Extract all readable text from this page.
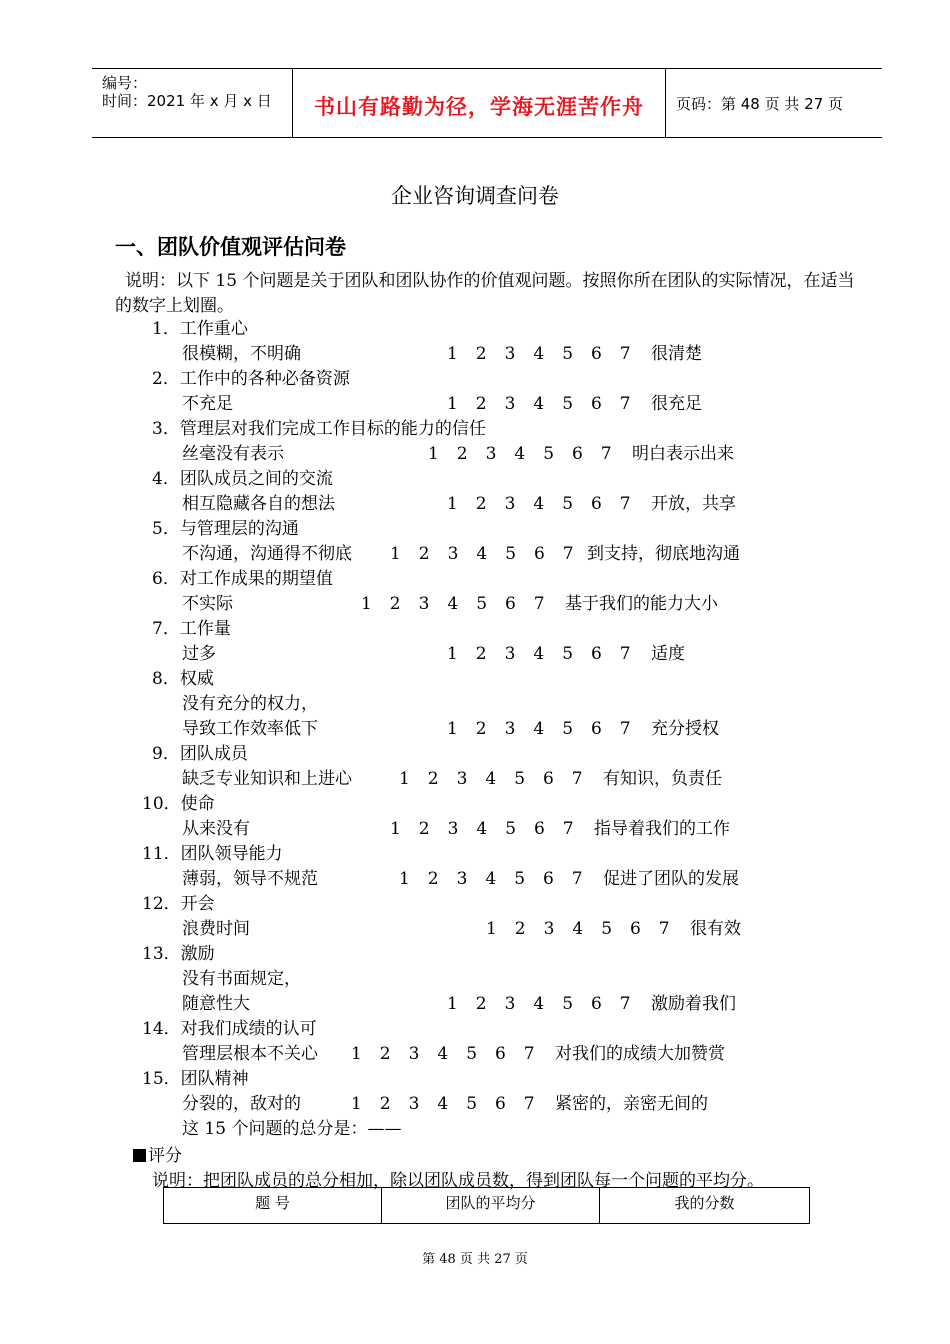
编号：
时间：2021 年 x 月 x 日	书山有路勤为径，学海无涯苦作舟	页码：第 48 页 共 27 页
企业咨询调查问卷
一、团队价值观评估问卷
说明：以下 15 个问题是关于团队和团队协作的价值观问题。按照你所在团队的实际情况，在适当的数字上划圈。
1．工作重心
很模糊，不明确	1 2 3 4 5 6 7	很清楚
2．工作中的各种必备资源
不充足	1 2 3 4 5 6 7	很充足
3．管理层对我们完成工作目标的能力的信任
丝毫没有表示	1 2 3 4 5 6 7	明白表示出来
4．团队成员之间的交流
相互隐藏各自的想法	1 2 3 4 5 6 7	开放，共享
5．与管理层的沟通
不沟通，沟通得不彻底 1 2 3 4 5 6 7 到支持，彻底地沟通
6．对工作成果的期望值
不实际	1 2 3 4 5 6 7	基于我们的能力大小
7．工作量
过多	1 2 3 4 5 6 7	适度
8．权威
没有充分的权力，
导致工作效率低下	1 2 3 4 5 6 7	充分授权
9．团队成员
缺乏专业知识和上进心	1 2 3 4 5 6 7	有知识，负责任
10．使命
从来没有	1 2 3 4 5 6 7	指导着我们的工作
11．团队领导能力
薄弱，领导不规范	1 2 3 4 5 6 7	促进了团队的发展
12．开会
浪费时间	1 2 3 4 5 6 7	很有效
13．激励
没有书面规定，
随意性大	1 2 3 4 5 6 7	激励着我们
14．对我们成绩的认可
管理层根本不关心 1 2 3 4 5 6 7	对我们的成绩大加赞赏
15．团队精神
分裂的，敌对的	1 2 3 4 5 6 7	紧密的，亲密无间的
这 15 个问题的总分是：——
评分
说明：把团队成员的总分相加，除以团队成员数，得到团队每一个问题的平均分。
题 号	团队的平均分	我的分数
第 48 页 共 27 页
